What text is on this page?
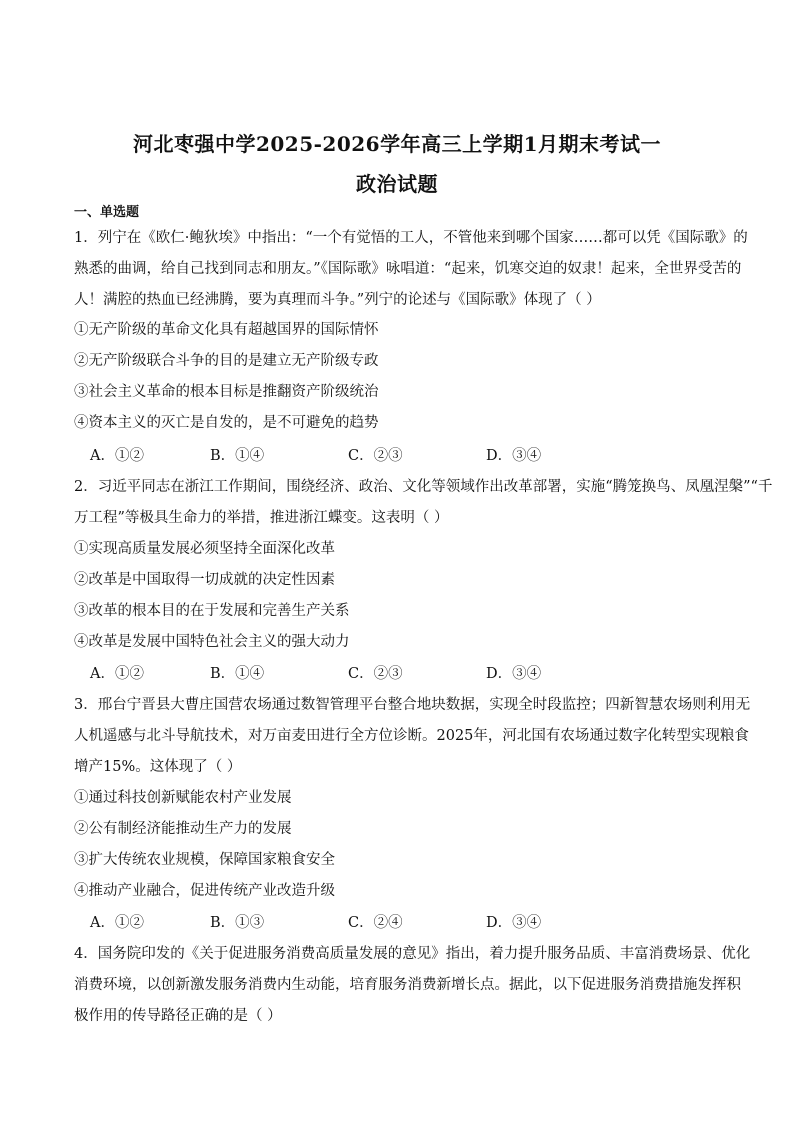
河北枣强中学2025-2026学年高三上学期1月期末考试一
政治试题
一、单选题
1．列宁在《欧仁·鲍狄埃》中指出：“一个有觉悟的工人，不管他来到哪个国家……都可以凭《国际歌》的
熟悉的曲调，给自己找到同志和朋友。”《国际歌》咏唱道：“起来，饥寒交迫的奴隶！起来，全世界受苦的
人！满腔的热血已经沸腾，要为真理而斗争。”列宁的论述与《国际歌》体现了（ ）
①无产阶级的革命文化具有超越国界的国际情怀
②无产阶级联合斗争的目的是建立无产阶级专政
③社会主义革命的根本目标是推翻资产阶级统治
④资本主义的灭亡是自发的，是不可避免的趋势
A．①②	B．①④	C．②③	D．③④
2．习近平同志在浙江工作期间，围绕经济、政治、文化等领域作出改革部署，实施“腾笼换鸟、凤凰涅槃”“千
万工程”等极具生命力的举措，推进浙江蝶变。这表明（ ）
①实现高质量发展必须坚持全面深化改革
②改革是中国取得一切成就的决定性因素
③改革的根本目的在于发展和完善生产关系
④改革是发展中国特色社会主义的强大动力
A．①②	B．①④	C．②③	D．③④
3．邢台宁晋县大曹庄国营农场通过数智管理平台整合地块数据，实现全时段监控；四新智慧农场则利用无
人机遥感与北斗导航技术，对万亩麦田进行全方位诊断。2025年，河北国有农场通过数字化转型实现粮食
增产15%。这体现了（ ）
①通过科技创新赋能农村产业发展
②公有制经济能推动生产力的发展
③扩大传统农业规模，保障国家粮食安全
④推动产业融合，促进传统产业改造升级
A．①②	B．①③	C．②④	D．③④
4．国务院印发的《关于促进服务消费高质量发展的意见》指出，着力提升服务品质、丰富消费场景、优化
消费环境，以创新激发服务消费内生动能，培育服务消费新增长点。据此，以下促进服务消费措施发挥积
极作用的传导路径正确的是（ ）
